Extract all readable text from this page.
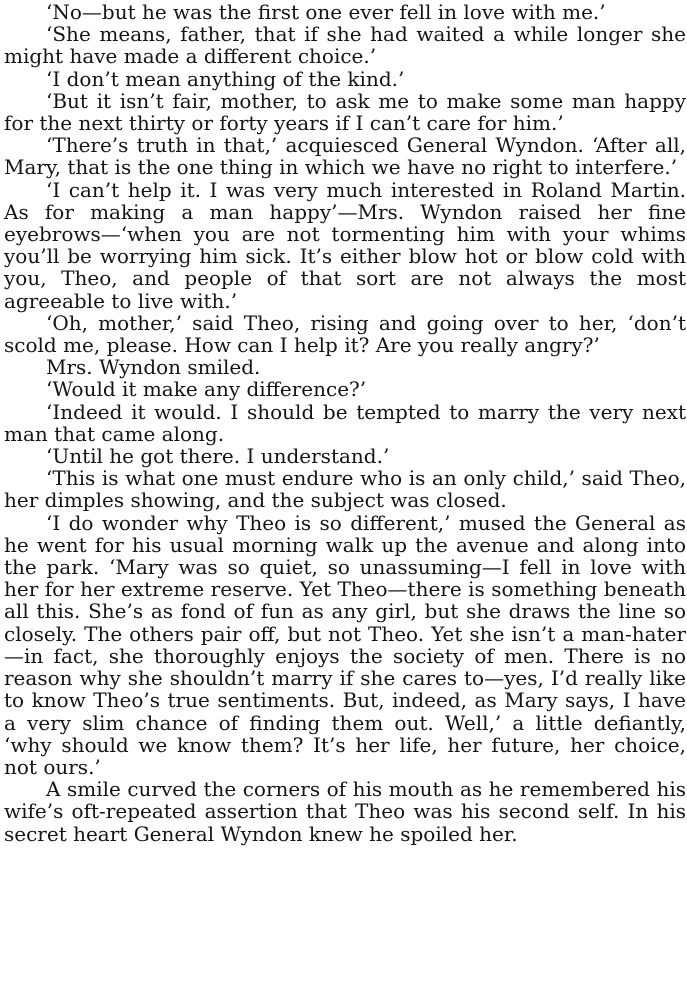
‘No—but he was the first one ever fell in love with me.’

‘She means, father, that if she had waited a while longer she might have made a different choice.’

‘I don’t mean anything of the kind.’

‘But it isn’t fair, mother, to ask me to make some man happy for the next thirty or forty years if I can’t care for him.’

‘There’s truth in that,’ acquiesced General Wyndon. ‘After all, Mary, that is the one thing in which we have no right to interfere.’

‘I can’t help it. I was very much interested in Roland Martin. As for making a man happy’—Mrs. Wyndon raised her fine eyebrows—‘when you are not tormenting him with your whims you’ll be worrying him sick. It’s either blow hot or blow cold with you, Theo, and people of that sort are not always the most agreeable to live with.’

‘Oh, mother,’ said Theo, rising and going over to her, ‘don’t scold me, please. How can I help it? Are you really angry?’

Mrs. Wyndon smiled.

‘Would it make any difference?’

‘Indeed it would. I should be tempted to marry the very next man that came along.

‘Until he got there. I understand.’

‘This is what one must endure who is an only child,’ said Theo, her dimples showing, and the subject was closed.

‘I do wonder why Theo is so different,’ mused the General as he went for his usual morning walk up the avenue and along into the park. ‘Mary was so quiet, so unassuming—I fell in love with her for her extreme reserve. Yet Theo—there is something beneath all this. She’s as fond of fun as any girl, but she draws the line so closely. The others pair off, but not Theo. Yet she isn’t a man-hater—in fact, she thoroughly enjoys the society of men. There is no reason why she shouldn’t marry if she cares to—yes, I’d really like to know Theo’s true sentiments. But, indeed, as Mary says, I have a very slim chance of finding them out. Well,’ a little defiantly, ‘why should we know them? It’s her life, her future, her choice, not ours.’

A smile curved the corners of his mouth as he remembered his wife’s oft-repeated assertion that Theo was his second self. In his secret heart General Wyndon knew he spoiled her.
